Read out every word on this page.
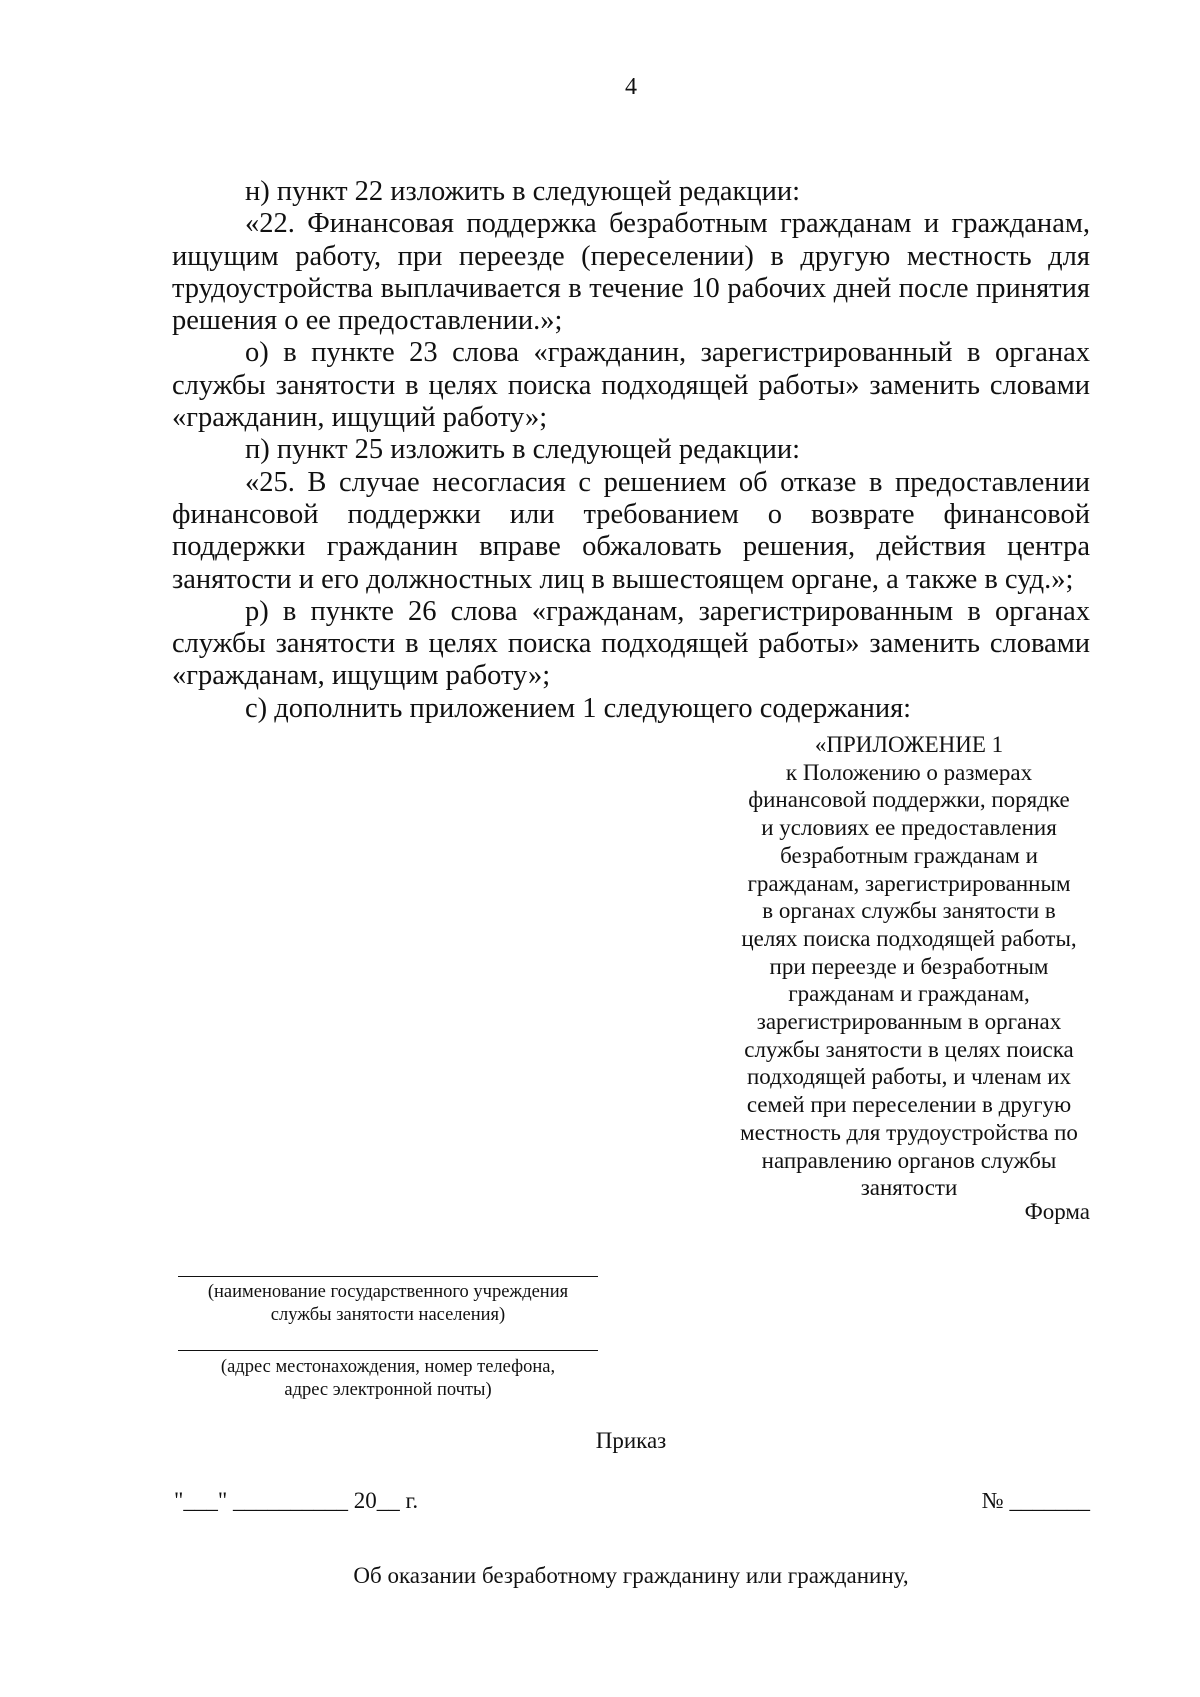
4

н) пункт 22 изложить в следующей редакции:

«22. Финансовая поддержка безработным гражданам и гражданам, ищущим работу, при переезде (переселении) в другую местность для трудоустройства выплачивается в течение 10 рабочих дней после принятия решения о ее предоставлении.»;

о) в пункте 23 слова «гражданин, зарегистрированный в органах службы занятости в целях поиска подходящей работы» заменить словами «гражданин, ищущий работу»;

п) пункт 25 изложить в следующей редакции:

«25. В случае несогласия с решением об отказе в предоставлении финансовой поддержки или требованием о возврате финансовой поддержки гражданин вправе обжаловать решения, действия центра занятости и его должностных лиц в вышестоящем органе, а также в суд.»;

р) в пункте 26 слова «гражданам, зарегистрированным в органах службы занятости в целях поиска подходящей работы» заменить словами «гражданам, ищущим работу»;

с) дополнить приложением 1 следующего содержания:

«ПРИЛОЖЕНИЕ 1
к Положению о размерах
финансовой поддержки, порядке
и условиях ее предоставления
безработным гражданам и
гражданам, зарегистрированным
в органах службы занятости в
целях поиска подходящей работы,
при переезде и безработным
гражданам и гражданам,
зарегистрированным в органах
службы занятости в целях поиска
подходящей работы, и членам их
семей при переселении в другую
местность для трудоустройства по
направлению органов службы
занятости
Форма
(наименование государственного учреждения
службы занятости населения)
(адрес местонахождения, номер телефона,
адрес электронной почты)
Приказ
"___" __________ 20__ г.	№ _______
Об оказании безработному гражданину или гражданину,
